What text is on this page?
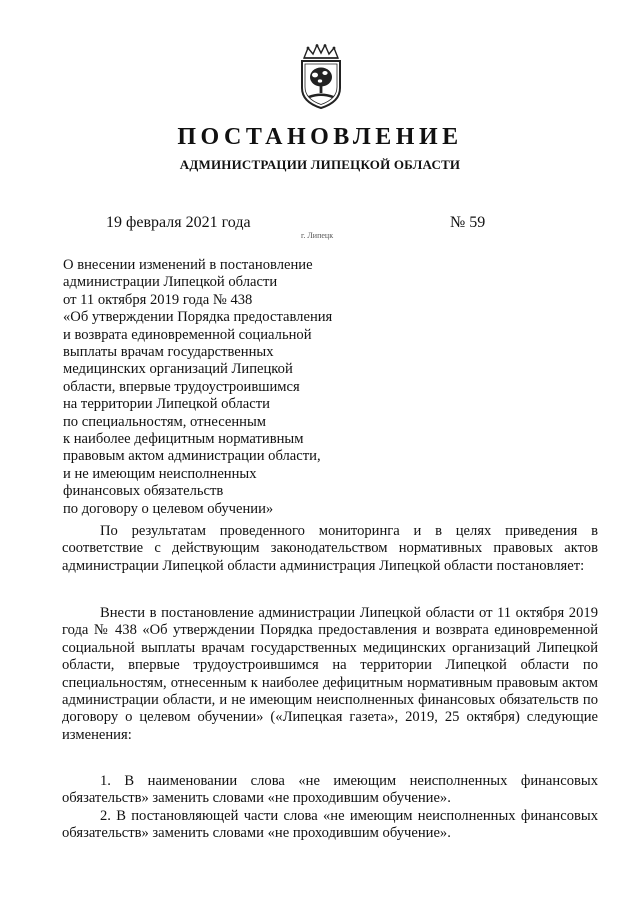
ПОСТАНОВЛЕНИЕ
АДМИНИСТРАЦИИ ЛИПЕЦКОЙ ОБЛАСТИ
19 февраля 2021 года
г. Липецк
№ 59
О внесении изменений в постановление
администрации Липецкой области
от 11 октября 2019 года № 438
«Об утверждении Порядка предоставления
и возврата единовременной социальной
выплаты врачам государственных
медицинских организаций Липецкой
области, впервые трудоустроившимся
на территории Липецкой области
по специальностям, отнесенным
к наиболее дефицитным нормативным
правовым актом администрации области,
и не имеющим неисполненных
финансовых обязательств
по договору о целевом обучении»

По результатам проведенного мониторинга и в целях приведения в соответствие с действующим законодательством нормативных правовых актов администрации Липецкой области администрация Липецкой области постановляет:

Внести в постановление администрации Липецкой области от 11 октября 2019 года № 438 «Об утверждении Порядка предоставления и возврата единовременной социальной выплаты врачам государственных медицинских организаций Липецкой области, впервые трудоустроившимся на территории Липецкой области по специальностям, отнесенным к наиболее дефицитным нормативным правовым актом администрации области, и не имеющим неисполненных финансовых обязательств по договору о целевом обучении» («Липецкая газета», 2019, 25 октября) следующие изменения:

1. В наименовании слова «не имеющим неисполненных финансовых обязательств» заменить словами «не проходившим обучение».

2. В постановляющей части слова «не имеющим неисполненных финансовых обязательств» заменить словами «не проходившим обучение».
